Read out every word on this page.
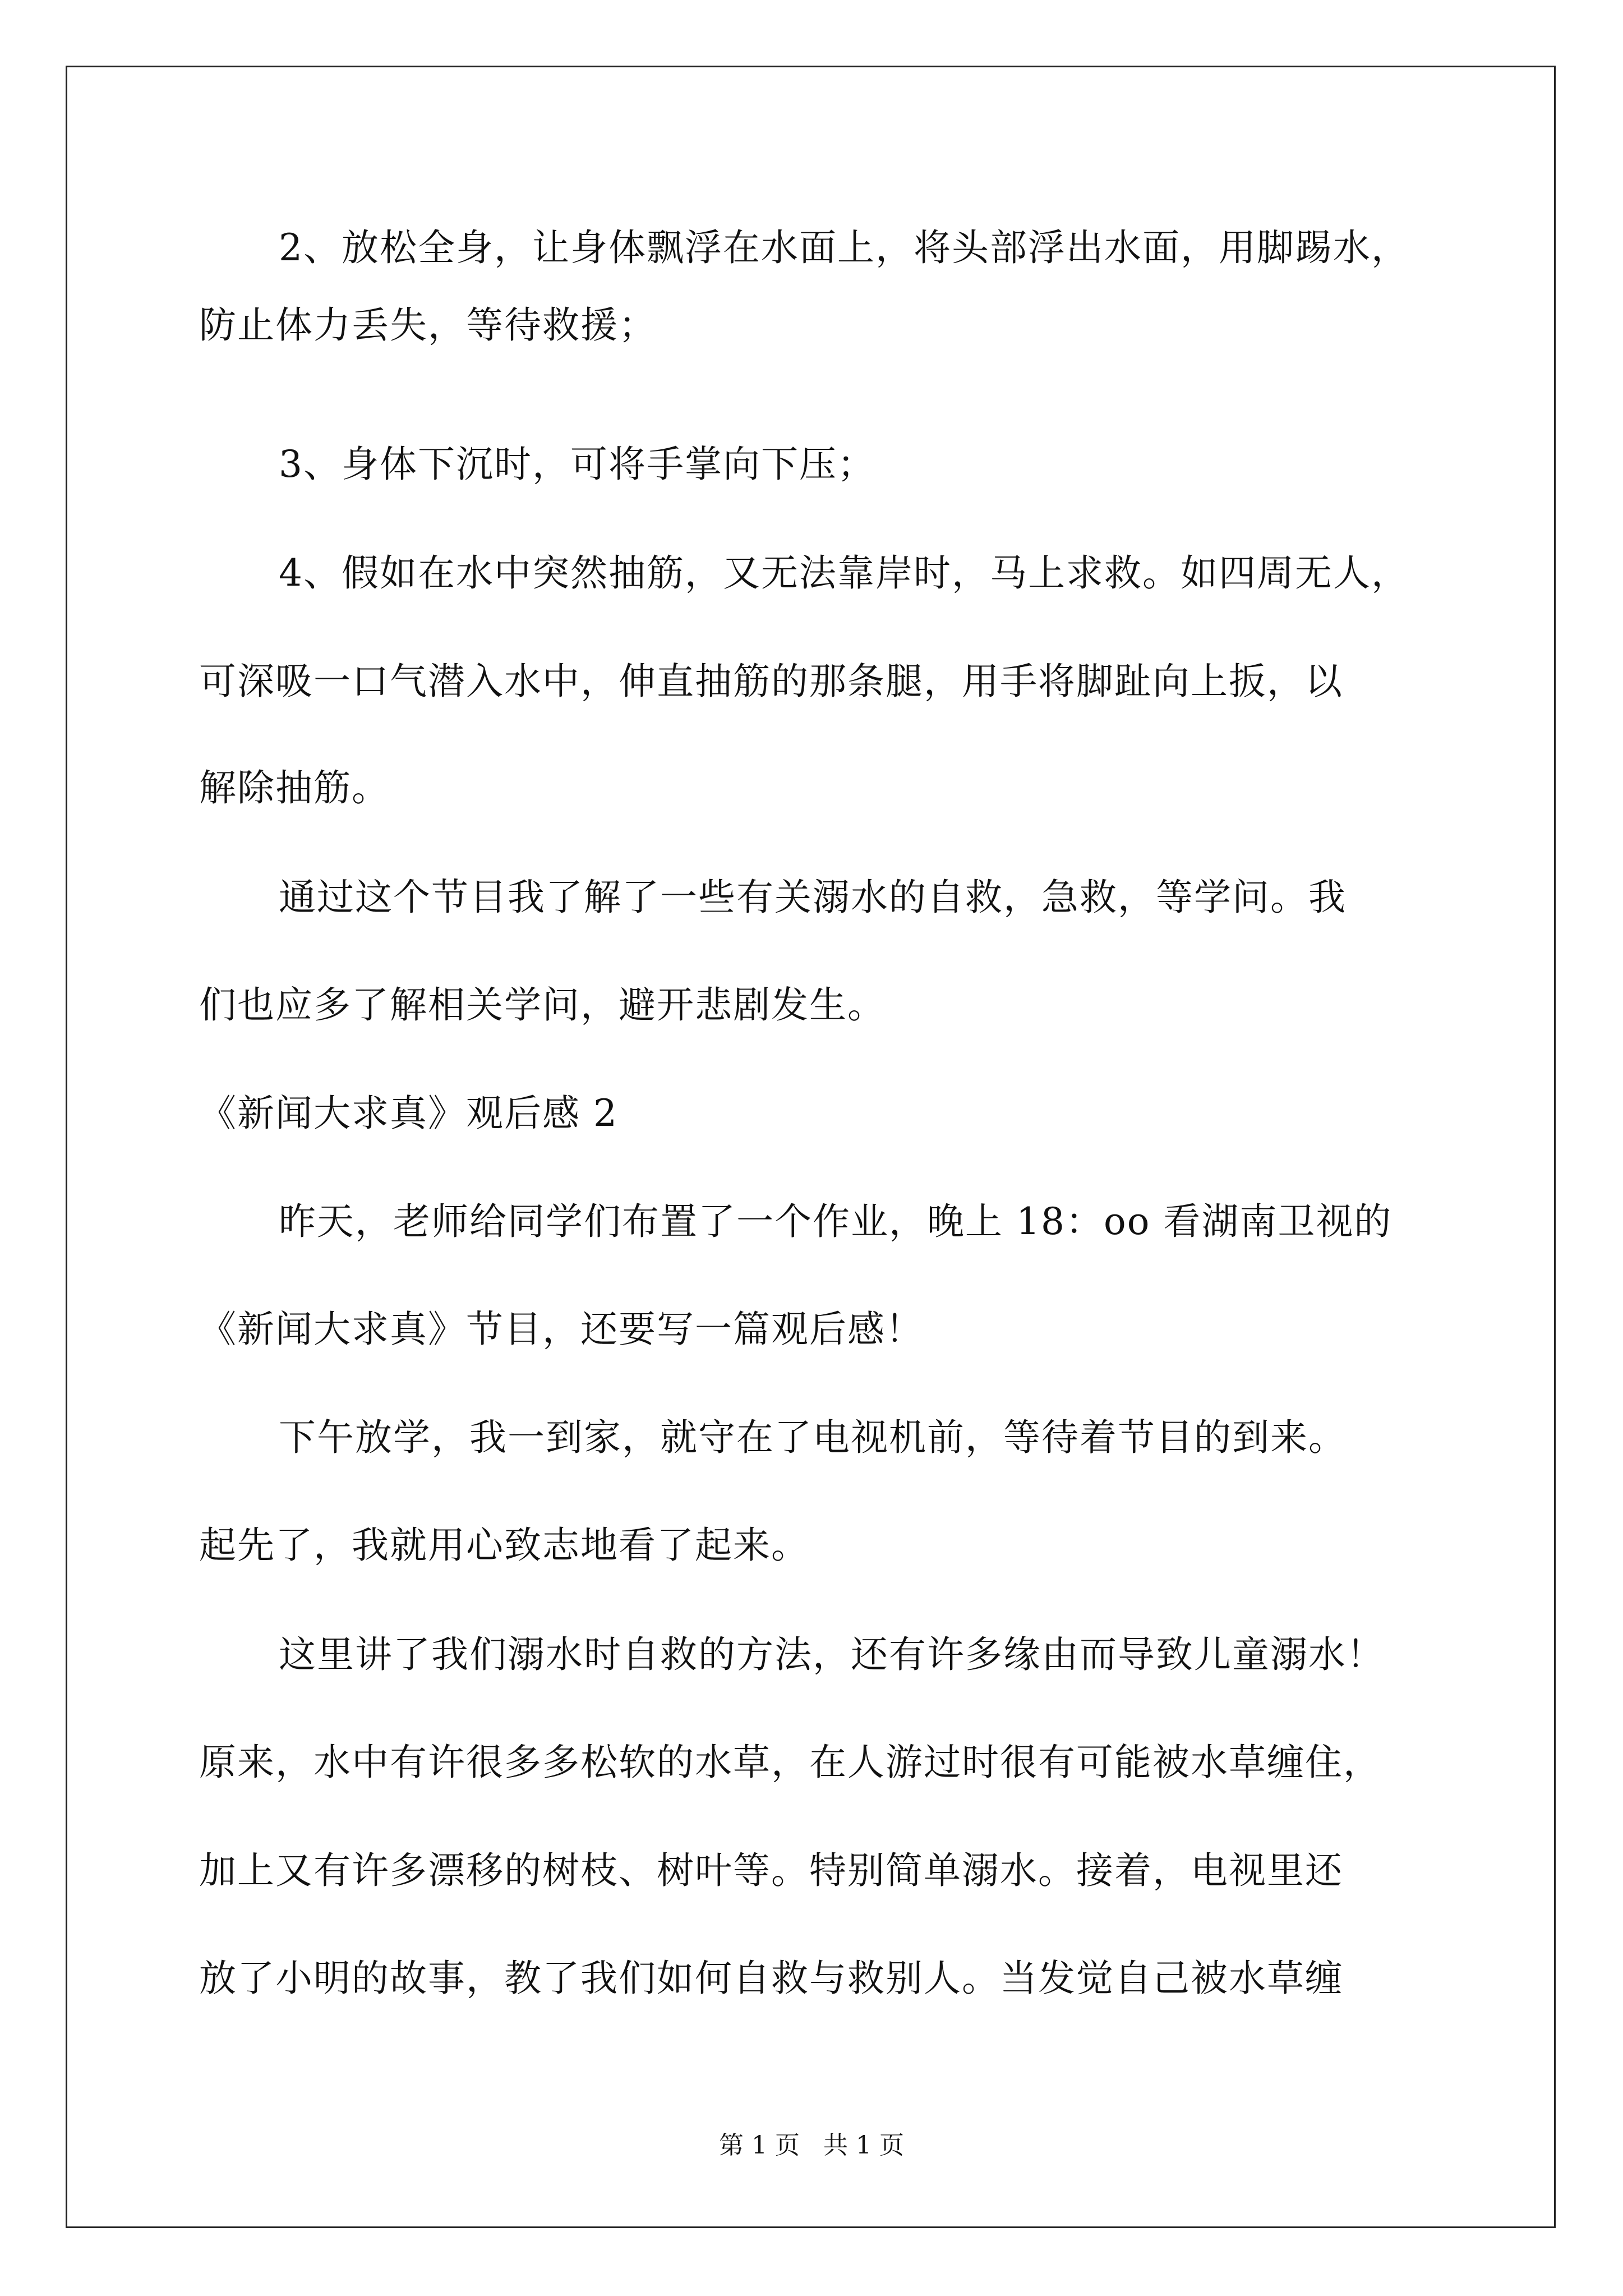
2、放松全身，让身体飘浮在水面上，将头部浮出水面，用脚踢水，
防止体力丢失，等待救援；
3、身体下沉时，可将手掌向下压；
4、假如在水中突然抽筋，又无法靠岸时，马上求救。如四周无人，
可深吸一口气潜入水中，伸直抽筋的那条腿，用手将脚趾向上扳，以
解除抽筋。
通过这个节目我了解了一些有关溺水的自救，急救，等学问。我
们也应多了解相关学问，避开悲剧发生。
《新闻大求真》观后感 2
昨天，老师给同学们布置了一个作业，晚上 18：oo 看湖南卫视的
《新闻大求真》节目，还要写一篇观后感！
下午放学，我一到家，就守在了电视机前，等待着节目的到来。
起先了，我就用心致志地看了起来。
这里讲了我们溺水时自救的方法，还有许多缘由而导致儿童溺水！
原来，水中有许很多多松软的水草，在人游过时很有可能被水草缠住，
加上又有许多漂移的树枝、树叶等。特别简单溺水。接着，电视里还
放了小明的故事，教了我们如何自救与救别人。当发觉自己被水草缠
第 1 页   共 1 页
